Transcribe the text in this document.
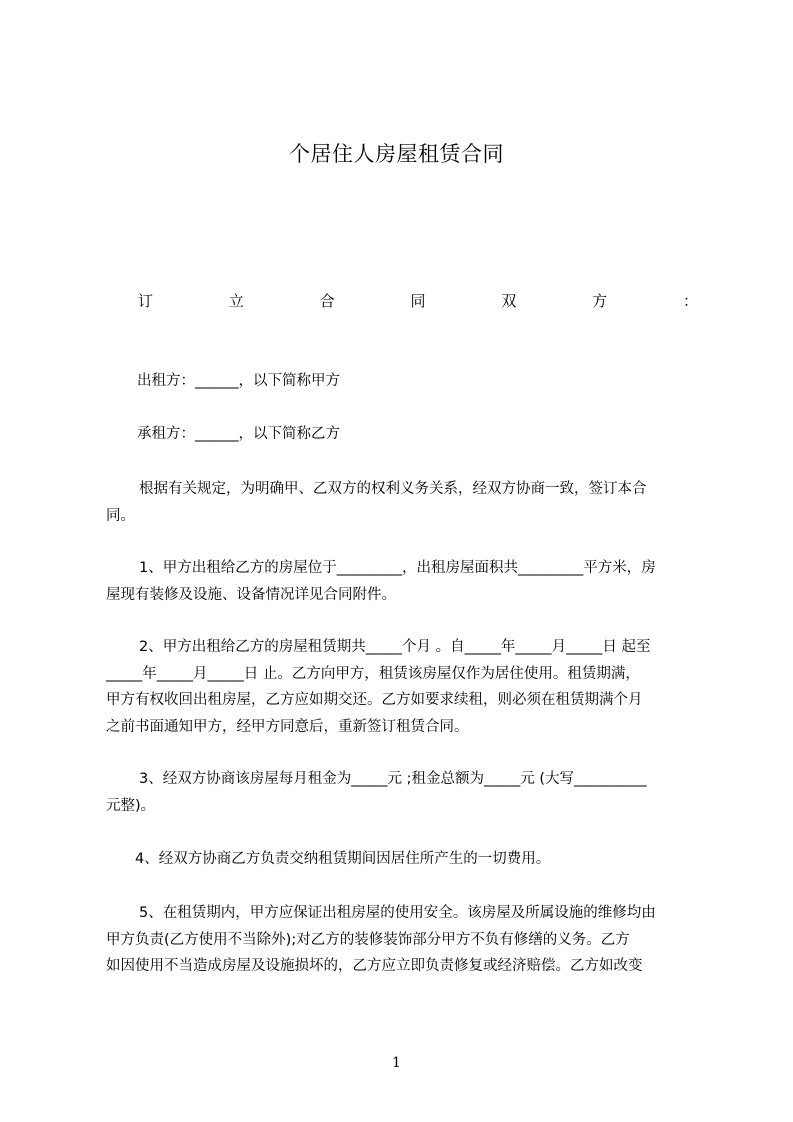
个居住人房屋租赁合同
订	立	合	同	双	方	：
出租方：______，以下简称甲方
承租方：______，以下简称乙方
根据有关规定，为明确甲、乙双方的权利义务关系，经双方协商一致，签订本合
同。
1、甲方出租给乙方的房屋位于_________，出租房屋面积共_________平方米，房
屋现有装修及设施、设备情况详见合同附件。
2、甲方出租给乙方的房屋租赁期共_____个月 。自_____年_____月_____日 起至
_____年_____月_____日 止。乙方向甲方，租赁该房屋仅作为居住使用。租赁期满，
甲方有权收回出租房屋，乙方应如期交还。乙方如要求续租，则必须在租赁期满个月
之前书面通知甲方，经甲方同意后，重新签订租赁合同。
3、经双方协商该房屋每月租金为_____元 ;租金总额为_____元 (大写__________
元整)。
4、经双方协商乙方负责交纳租赁期间因居住所产生的一切费用。
5、在租赁期内，甲方应保证出租房屋的使用安全。该房屋及所属设施的维修均由
甲方负责(乙方使用不当除外);对乙方的装修装饰部分甲方不负有修缮的义务。乙方
如因使用不当造成房屋及设施损坏的，乙方应立即负责修复或经济赔偿。乙方如改变
1
